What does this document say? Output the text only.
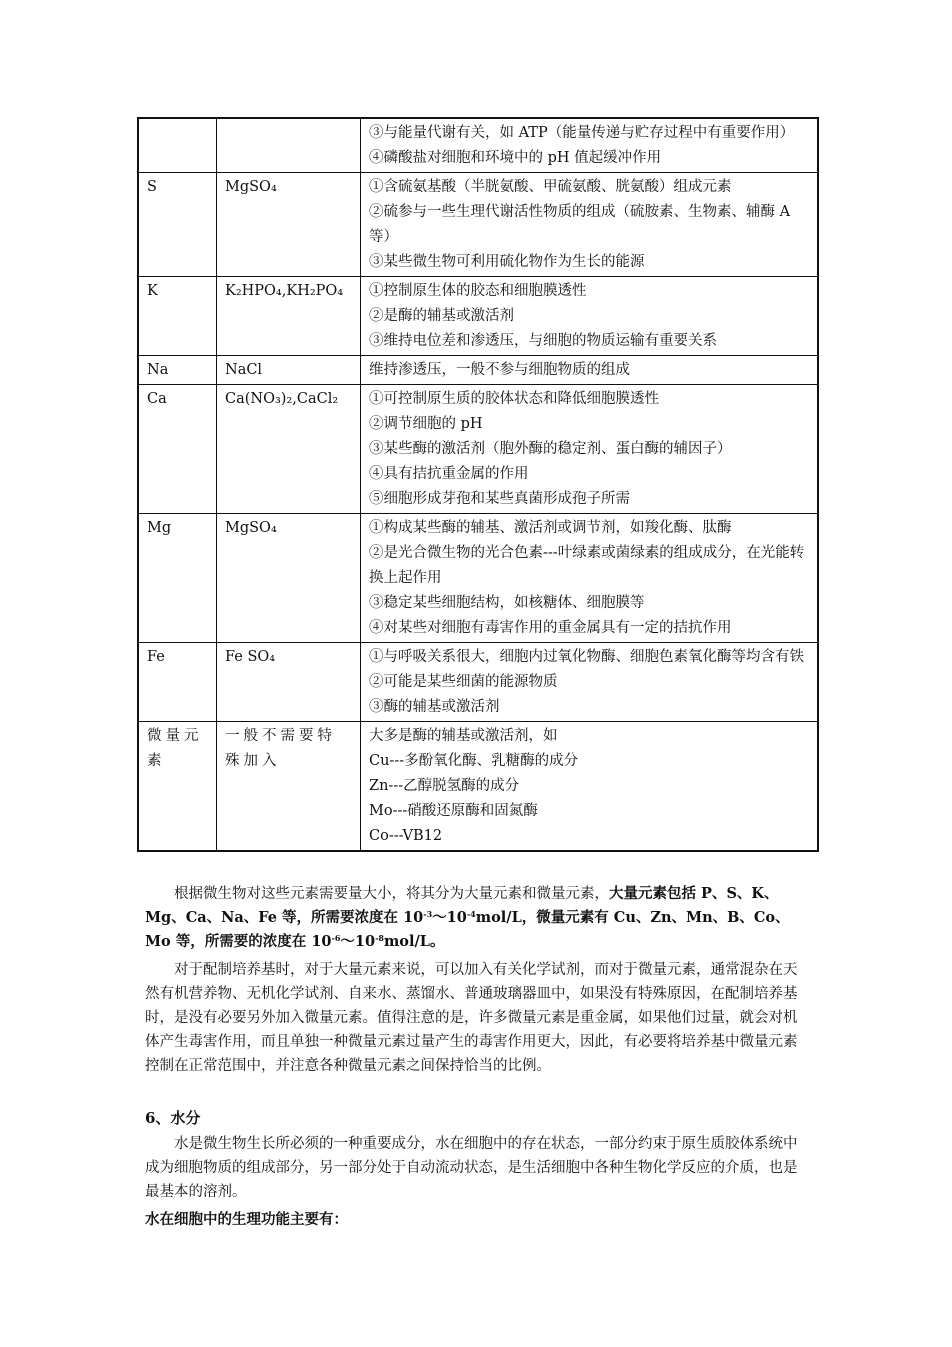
		③与能量代谢有关，如 ATP（能量传递与贮存过程中有重要作用）
④磷酸盐对细胞和环境中的 pH 值起缓冲作用

S	MgSO₄	①含硫氨基酸（半胱氨酸、甲硫氨酸、胱氨酸）组成元素
②硫参与一些生理代谢活性物质的组成（硫胺素、生物素、辅酶 A 等）
③某些微生物可利用硫化物作为生长的能源

K	K₂HPO₄,KH₂PO₄	①控制原生体的胶态和细胞膜透性
②是酶的辅基或激活剂
③维持电位差和渗透压，与细胞的物质运输有重要关系

Na	NaCl	维持渗透压，一般不参与细胞物质的组成

Ca	Ca(NO₃)₂,CaCl₂	①可控制原生质的胶体状态和降低细胞膜透性
②调节细胞的 pH
③某些酶的激活剂（胞外酶的稳定剂、蛋白酶的辅因子）
④具有拮抗重金属的作用
⑤细胞形成芽孢和某些真菌形成孢子所需

Mg	MgSO₄	①构成某些酶的辅基、激活剂或调节剂，如羧化酶、肽酶
②是光合微生物的光合色素---叶绿素或菌绿素的组成成分，在光能转换上起作用
③稳定某些细胞结构，如核糖体、细胞膜等
④对某些对细胞有毒害作用的重金属具有一定的拮抗作用

Fe	Fe SO₄	①与呼吸关系很大，细胞内过氧化物酶、细胞色素氧化酶等均含有铁
②可能是某些细菌的能源物质
③酶的辅基或激活剂

微量元素	一般不需要特殊加入	大多是酶的辅基或激活剂，如
Cu---多酚氧化酶、乳糖酶的成分
Zn---乙醇脱氢酶的成分
Mo---硝酸还原酶和固氮酶
Co---VB12
根据微生物对这些元素需要量大小，将其分为大量元素和微量元素，大量元素包括 P、S、K、Mg、Ca、Na、Fe 等，所需要浓度在 $10^{-3}\sim 10^{-4}mol/L$，微量元素有 Cu、Zn、Mn、B、Co、Mo 等，所需要的浓度在 $10^{-6}\sim 10^{-8}mol/L$。
对于配制培养基时，对于大量元素来说，可以加入有关化学试剂，而对于微量元素，通常混杂在天然有机营养物、无机化学试剂、自来水、蒸馏水、普通玻璃器皿中，如果没有特殊原因，在配制培养基时，是没有必要另外加入微量元素。值得注意的是，许多微量元素是重金属，如果他们过量，就会对机体产生毒害作用，而且单独一种微量元素过量产生的毒害作用更大，因此，有必要将培养基中微量元素控制在正常范围中，并注意各种微量元素之间保持恰当的比例。
6、水分
水是微生物生长所必须的一种重要成分，水在细胞中的存在状态，一部分约束于原生质胶体系统中成为细胞物质的组成部分，另一部分处于自动流动状态，是生活细胞中各种生物化学反应的介质，也是最基本的溶剂。
水在细胞中的生理功能主要有：
